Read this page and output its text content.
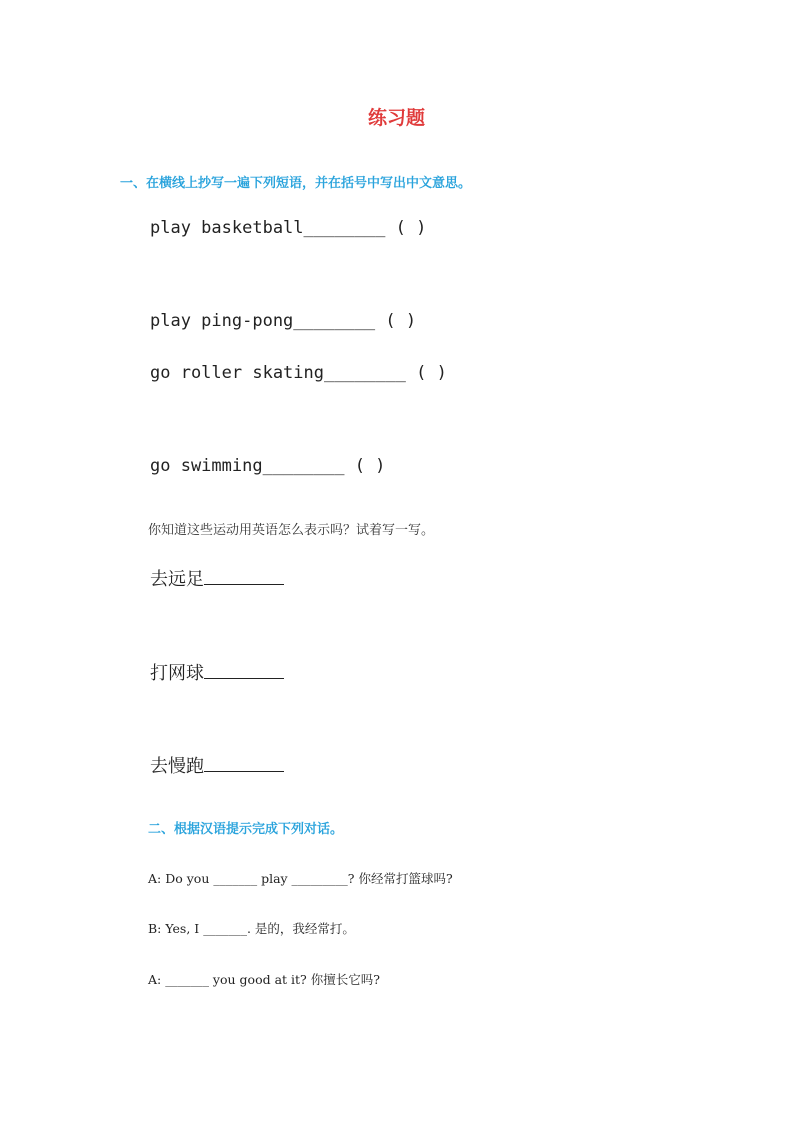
练习题
一、在横线上抄写一遍下列短语，并在括号中写出中文意思。
play basketball________ ( )
play ping-pong________ ( )
go roller skating________ ( )
go swimming________ ( )
你知道这些运动用英语怎么表示吗？试着写一写。
去远足
打网球
去慢跑
二、根据汉语提示完成下列对话。
A: Do you _______ play _________? 你经常打篮球吗?
B: Yes, I _______. 是的，我经常打。
A: _______ you good at it? 你擅长它吗?
